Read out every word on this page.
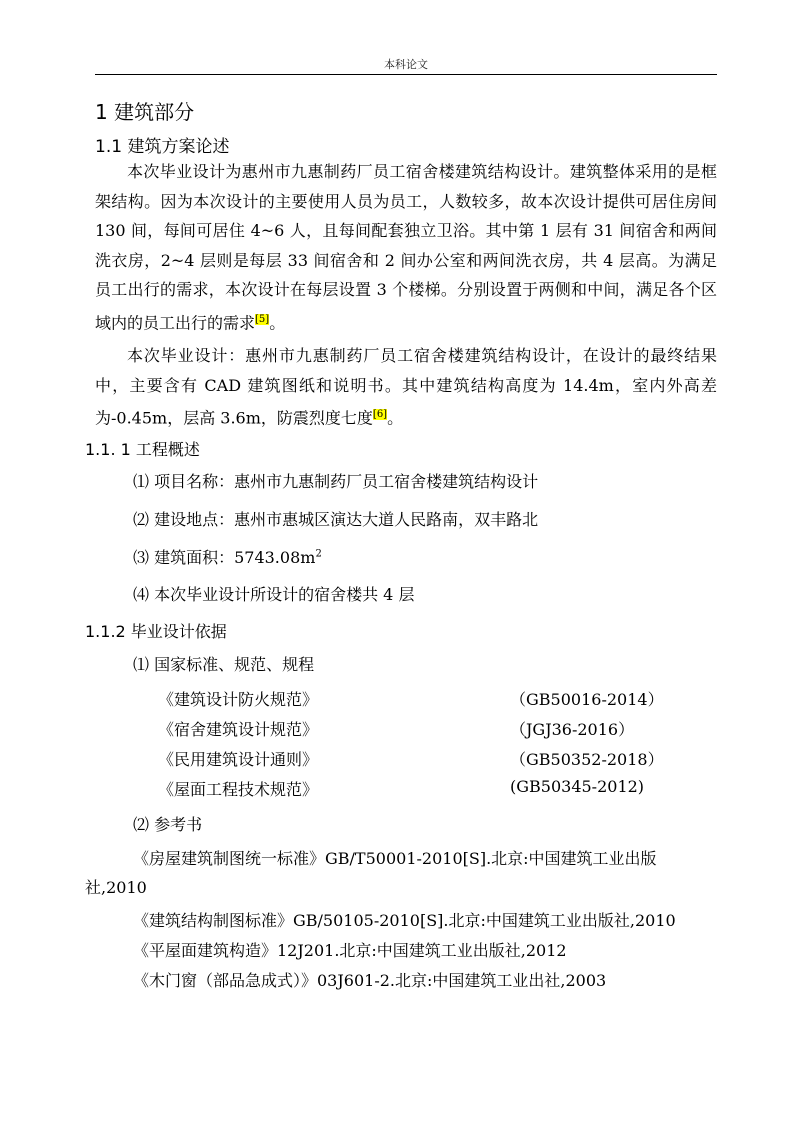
本科论文
1 建筑部分
1.1 建筑方案论述
本次毕业设计为惠州市九惠制药厂员工宿舍楼建筑结构设计。建筑整体采用的是框架结构。因为本次设计的主要使用人员为员工，人数较多，故本次设计提供可居住房间 130 间，每间可居住 4~6 人，且每间配套独立卫浴。其中第 1 层有 31 间宿舍和两间洗衣房，2~4 层则是每层 33 间宿舍和 2 间办公室和两间洗衣房，共 4 层高。为满足员工出行的需求，本次设计在每层设置 3 个楼梯。分别设置于两侧和中间，满足各个区域内的员工出行的需求[5]。
本次毕业设计：惠州市九惠制药厂员工宿舍楼建筑结构设计，在设计的最终结果中，主要含有 CAD 建筑图纸和说明书。其中建筑结构高度为 14.4m，室内外高差为-0.45m，层高 3.6m，防震烈度七度[6]。
1.1. 1 工程概述
⑴ 项目名称：惠州市九惠制药厂员工宿舍楼建筑结构设计
⑵ 建设地点：惠州市惠城区演达大道人民路南，双丰路北
⑶ 建筑面积：$5743.08m^2$
⑷ 本次毕业设计所设计的宿舍楼共 4 层
1.1.2 毕业设计依据
⑴ 国家标准、规范、规程
《建筑设计防火规范》	（GB50016-2014）
《宿舍建筑设计规范》	（JGJ36-2016）
《民用建筑设计通则》	（GB50352-2018）
《屋面工程技术规范》	(GB50345-2012)
⑵ 参考书
《房屋建筑制图统一标准》GB/T50001-2010[S].北京:中国建筑工业出版社,2010
《建筑结构制图标准》GB/50105-2010[S].北京:中国建筑工业出版社,2010
《平屋面建筑构造》12J201.北京:中国建筑工业出版社,2012
《木门窗（部品急成式）》03J601-2.北京:中国建筑工业出社,2003
